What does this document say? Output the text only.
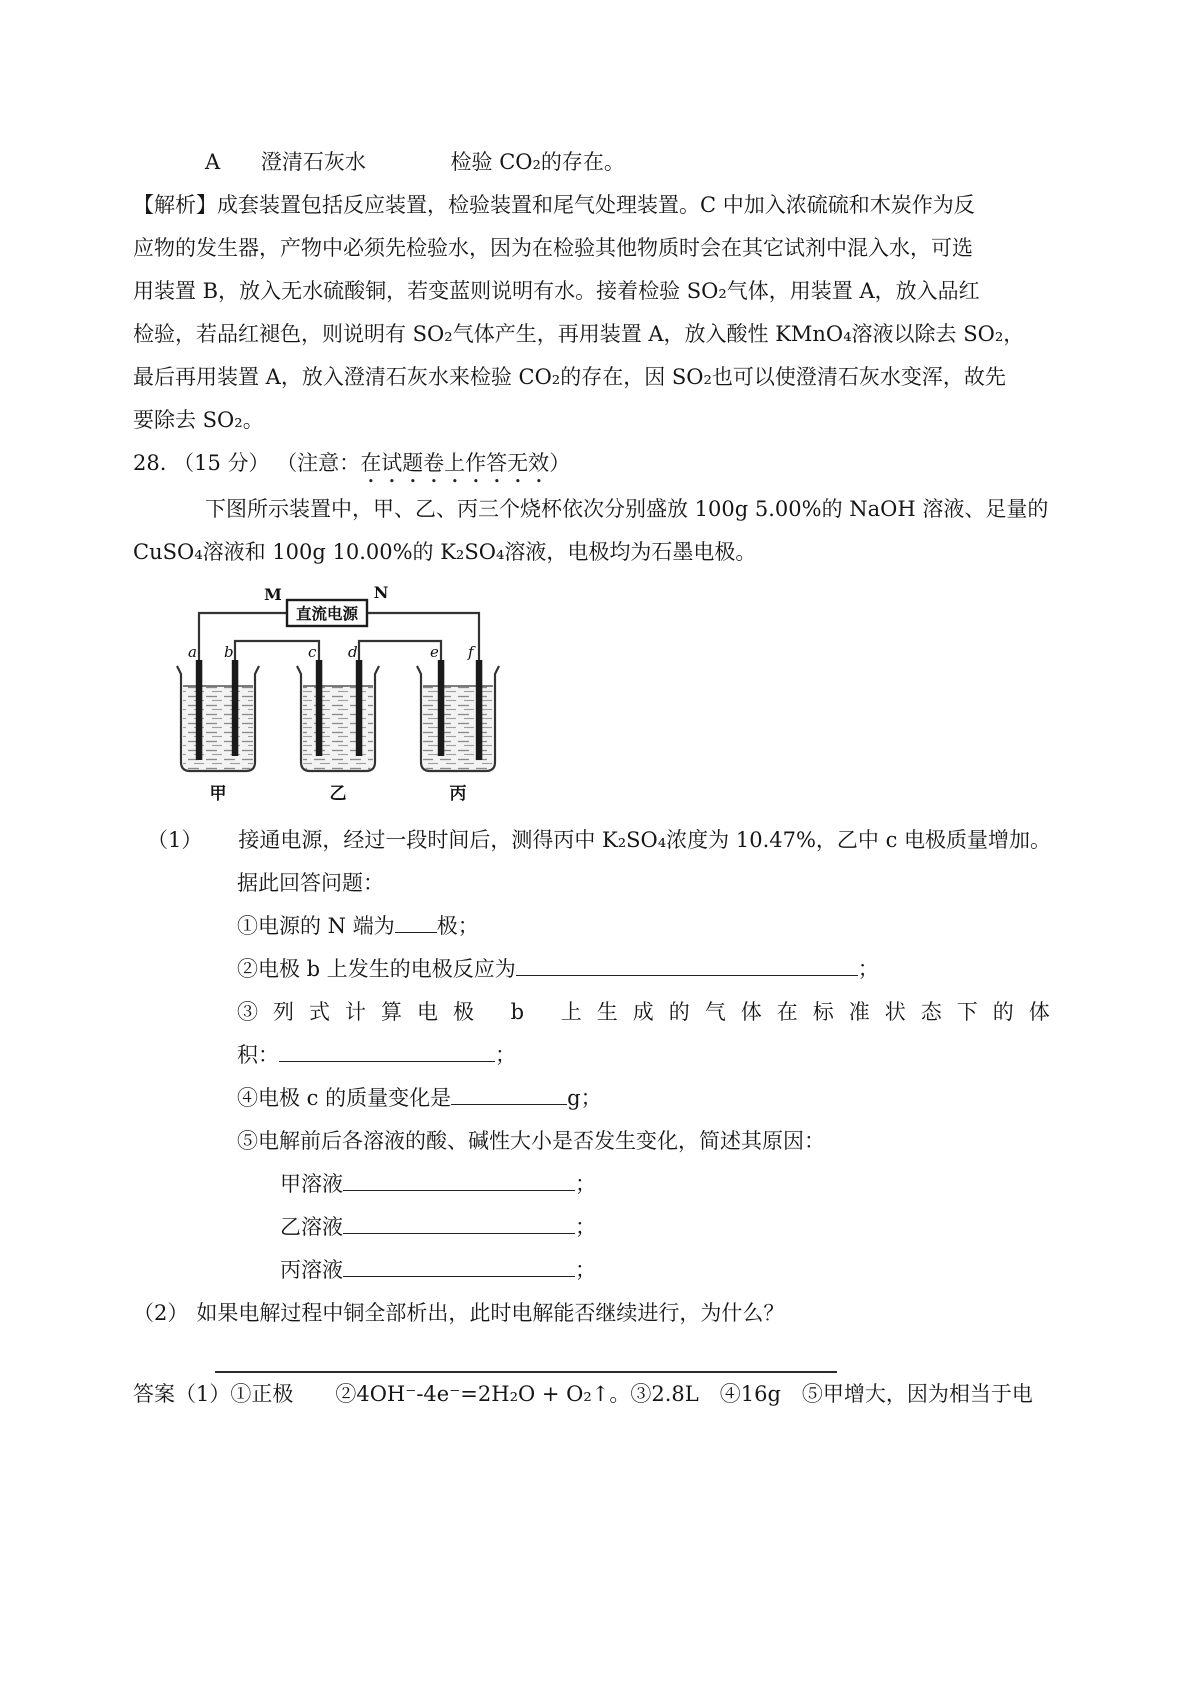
A 澄清石灰水	检验 CO₂的存在。

【解析】成套装置包括反应装置，检验装置和尾气处理装置。C 中加入浓硫硫和木炭作为反

应物的发生器，产物中必须先检验水，因为在检验其他物质时会在其它试剂中混入水，可选

用装置 B，放入无水硫酸铜，若变蓝则说明有水。接着检验 SO₂气体，用装置 A，放入品红

检验，若品红褪色，则说明有 SO₂气体产生，再用装置 A，放入酸性 KMnO₄溶液以除去 SO₂，

最后再用装置 A，放入澄清石灰水来检验 CO₂的存在，因 SO₂也可以使澄清石灰水变浑，故先

要除去 SO₂。

28. （15 分） （注意：在试题卷上作答无效）

下图所示装置中，甲、乙、丙三个烧杯依次分别盛放 100g 5.00%的 NaOH 溶液、足量的

CuSO₄溶液和 100g 10.00%的 K₂SO₄溶液，电极均为石墨电极。

直流电源
M	N
a b	c d	e f
甲	乙	丙

（1） 接通电源，经过一段时间后，测得丙中 K₂SO₄浓度为 10.47%，乙中 c 电极质量增加。

据此回答问题：

①电源的 N 端为 极；

②电极 b 上发生的电极反应为	；

③列式计算电极 b 上生成的气体在标准状态下的体

积：	；

④电极 c 的质量变化是	g；

⑤电解前后各溶液的酸、碱性大小是否发生变化，简述其原因：

甲溶液	；

乙溶液	；

丙溶液	；

（2） 如果电解过程中铜全部析出，此时电解能否继续进行，为什么？

答案（1）①正极　　②4OH⁻-4e⁻=2H₂O + O₂↑。③2.8L　④16g　⑤甲增大，因为相当于电
